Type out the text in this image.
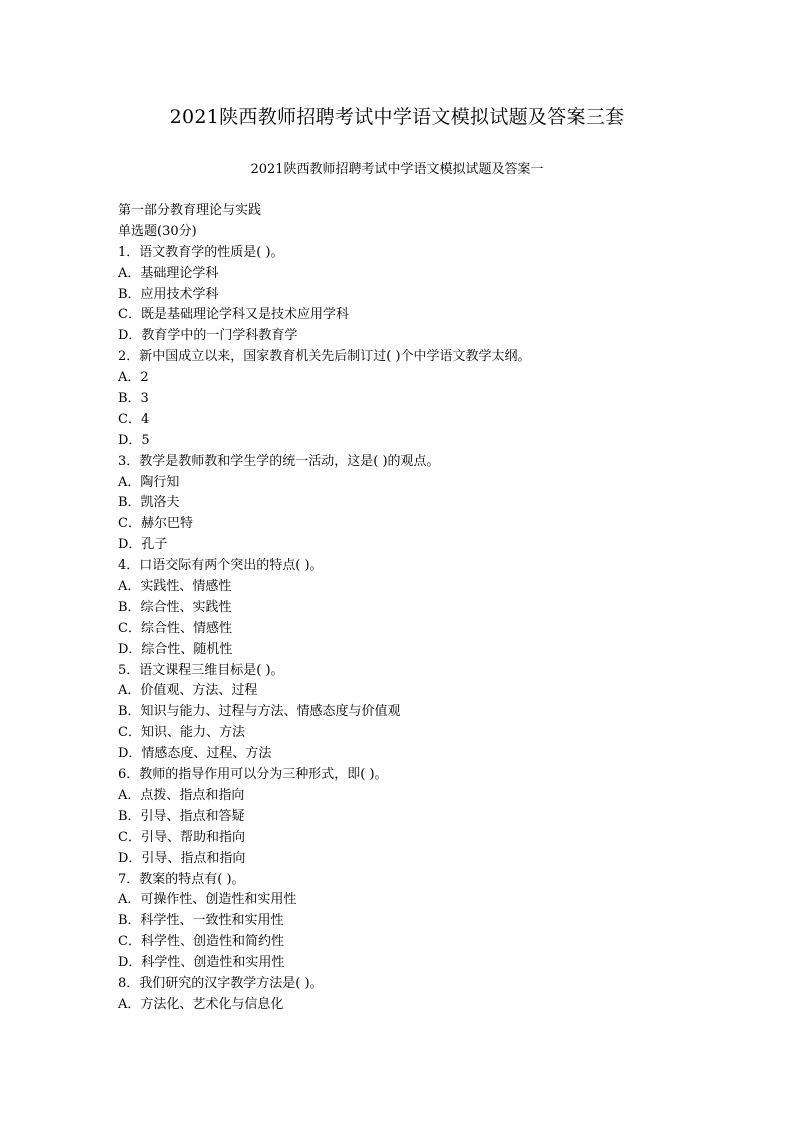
2021陕西教师招聘考试中学语文模拟试题及答案三套
2021陕西教师招聘考试中学语文模拟试题及答案一
第一部分教育理论与实践
单选题(30分)
1．语文教育学的性质是( )。
A．基础理论学科
B．应用技术学科
C．既是基础理论学科又是技术应用学科
D．教育学中的一门学科教育学
2．新中国成立以来，国家教育机关先后制订过( )个中学语文教学太纲。
A．2
B．3
C．4
D．5
3．教学是教师教和学生学的统一活动，这是( )的观点。
A．陶行知
B．凯洛夫
C．赫尔巴特
D．孔子
4．口语交际有两个突出的特点( )。
A．实践性、情感性
B．综合性、实践性
C．综合性、情感性
D．综合性、随机性
5．语文课程三维目标是( )。
A．价值观、方法、过程
B．知识与能力、过程与方法、情感态度与价值观
C．知识、能力、方法
D．情感态度、过程、方法
6．教师的指导作用可以分为三种形式，即( )。
A．点拨、指点和指向
B．引导、指点和答疑
C．引导、帮助和指向
D．引导、指点和指向
7．教案的特点有( )。
A．可操作性、创造性和实用性
B．科学性、一致性和实用性
C．科学性、创造性和简约性
D．科学性、创造性和实用性
8．我们研究的汉字教学方法是( )。
A．方法化、艺术化与信息化
